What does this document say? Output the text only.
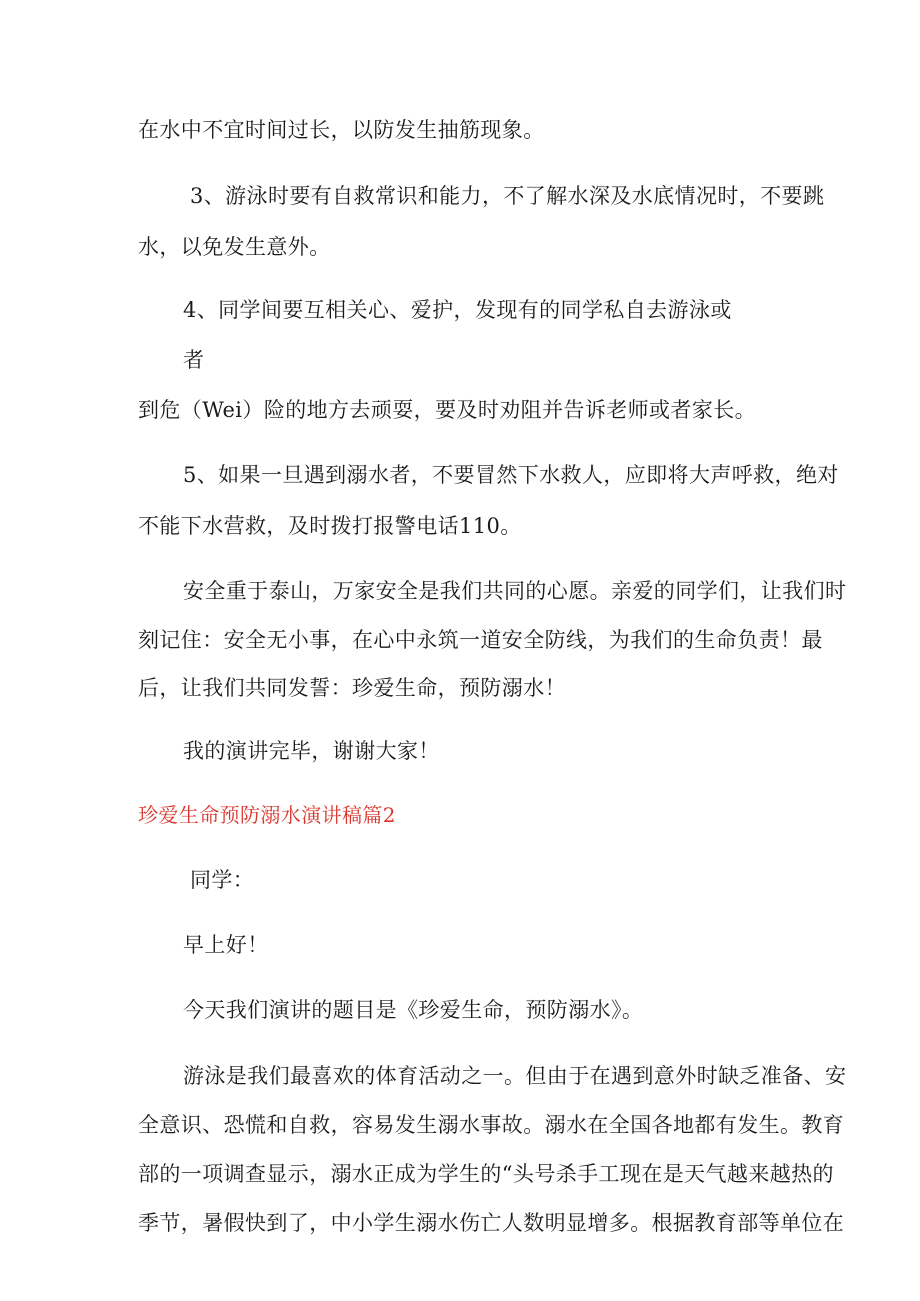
在水中不宜时间过长，以防发生抽筋现象。

3、游泳时要有自救常识和能力，不了解水深及水底情况时，不要跳

水，以免发生意外。

4、同学间要互相关心、爱护，发现有的同学私自去游泳或

者

到危（Wei）险的地方去顽耍，要及时劝阻并告诉老师或者家长。

5、如果一旦遇到溺水者，不要冒然下水救人，应即将大声呼救，绝对

不能下水营救，及时拨打报警电话110。

安全重于泰山，万家安全是我们共同的心愿。亲爱的同学们，让我们时

刻记住：安全无小事，在心中永筑一道安全防线，为我们的生命负责！最

后，让我们共同发誓：珍爱生命，预防溺水！

我的演讲完毕，谢谢大家！

珍爱生命预防溺水演讲稿篇2

同学：

早上好！

今天我们演讲的题目是《珍爱生命，预防溺水》。

游泳是我们最喜欢的体育活动之一。但由于在遇到意外时缺乏准备、安

全意识、恐慌和自救，容易发生溺水事故。溺水在全国各地都有发生。教育

部的一项调查显示，溺水正成为学生的“头号杀手工现在是天气越来越热的

季节，暑假快到了，中小学生溺水伤亡人数明显增多。根据教育部等单位在
